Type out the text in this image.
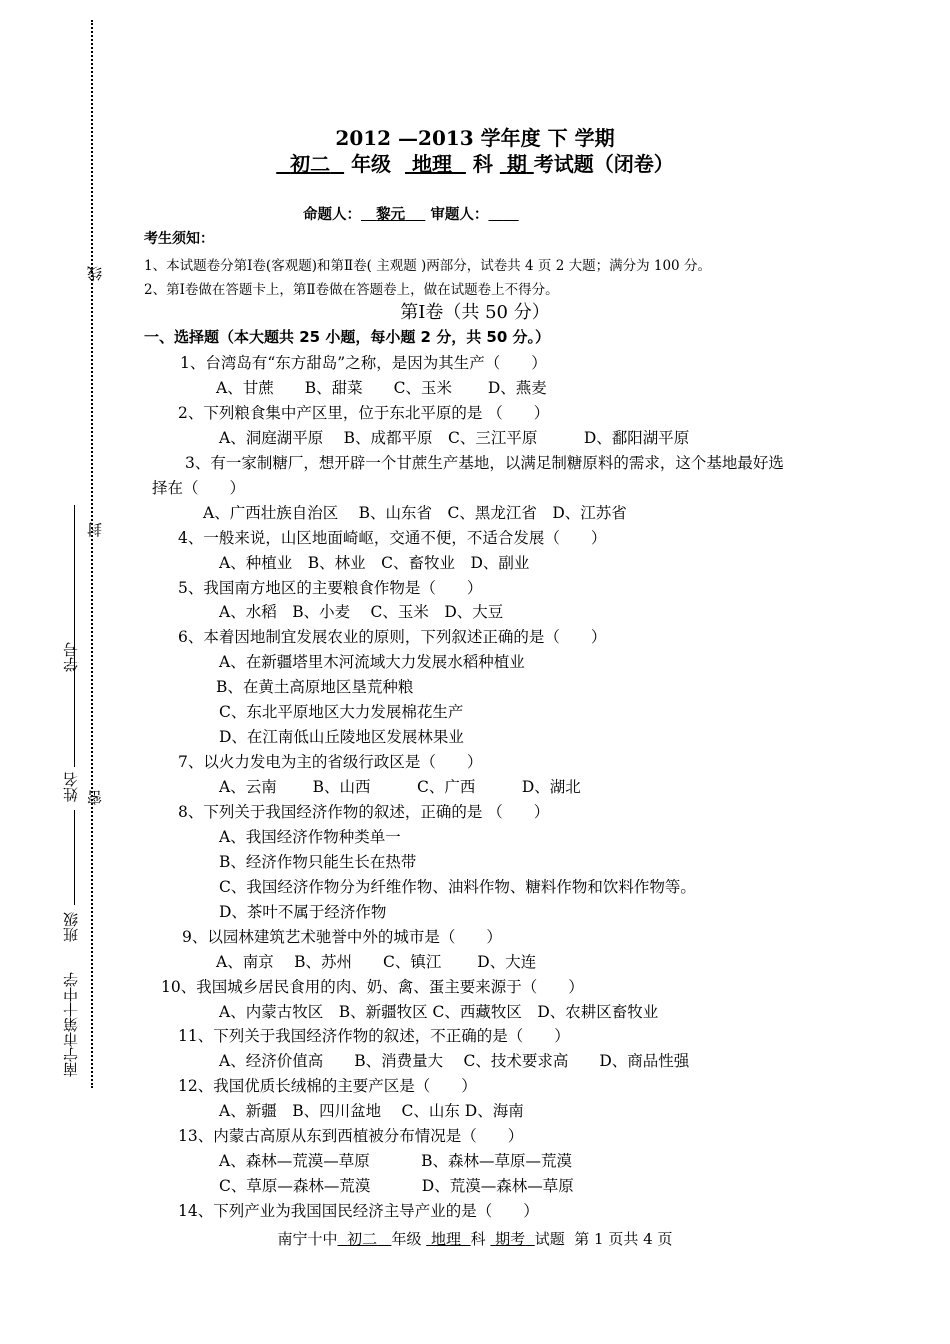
线
封
密
学号
姓名
班级
南宁市第十中学
2012 —2013 学年度 下 学期
初二 年级 地理 科 期 考试题（闭卷）
命题人： 黎元 审题人：
考生须知：
1、本试题卷分第Ⅰ卷(客观题)和第Ⅱ卷( 主观题 )两部分，试卷共 4 页 2 大题；满分为 100 分。
2、第Ⅰ卷做在答题卡上，第Ⅱ卷做在答题卷上，做在试题卷上不得分。
第Ⅰ卷（共 50 分）
一、选择题（本大题共 25 小题，每小题 2 分，共 50 分。）
1、台湾岛有“东方甜岛”之称，是因为其生产（　　）
A、甘蔗　　B、甜菜　　C、玉米　　 D、燕麦
2、下列粮食集中产区里，位于东北平原的是 （　　）
A、洞庭湖平原　 B、成都平原　C、三江平原　　　D、鄱阳湖平原
3、有一家制糖厂，想开辟一个甘蔗生产基地，以满足制糖原料的需求，这个基地最好选
择在（　　）
A、广西壮族自治区　 B、山东省　C、黑龙江省　D、江苏省
4、一般来说，山区地面崎岖，交通不便，不适合发展（　　）
A、种植业　B、林业　C、畜牧业　D、副业
5、我国南方地区的主要粮食作物是（　　）
A、水稻　B、小麦　 C、玉米　D、大豆
6、本着因地制宜发展农业的原则，下列叙述正确的是（　　）
A、在新疆塔里木河流域大力发展水稻种植业
B、在黄土高原地区垦荒种粮
C、东北平原地区大力发展棉花生产
D、在江南低山丘陵地区发展林果业
7、以火力发电为主的省级行政区是（　　）
A、云南　　 B、山西　　　C、广西　　　D、湖北
8、下列关于我国经济作物的叙述，正确的是 （　　）
A、我国经济作物种类单一
B、经济作物只能生长在热带
C、我国经济作物分为纤维作物、油料作物、糖料作物和饮料作物等。
D、茶叶不属于经济作物
9、以园林建筑艺术驰誉中外的城市是（　　）
A、南京　 B、苏州　　C、镇江　　 D、大连
10、我国城乡居民食用的肉、奶、禽、蛋主要来源于（　　）
A、内蒙古牧区　B、新疆牧区 C、西藏牧区　D、农耕区畜牧业
11、下列关于我国经济作物的叙述，不正确的是（　　）
A、经济价值高　　B、消费量大　 C、技术要求高　　D、商品性强
12、我国优质长绒棉的主要产区是（　　）
A、新疆　B、四川盆地　 C、山东 D、海南
13、内蒙古高原从东到西植被分布情况是（　　）
A、森林—荒漠—草原　　　 B、森林—草原—荒漠
C、草原—森林—荒漠　　　 D、荒漠—森林—草原
14、下列产业为我国国民经济主导产业的是（　　）
南宁十中 初二 年级 地理 科 期考 试题 第 1 页共 4 页
